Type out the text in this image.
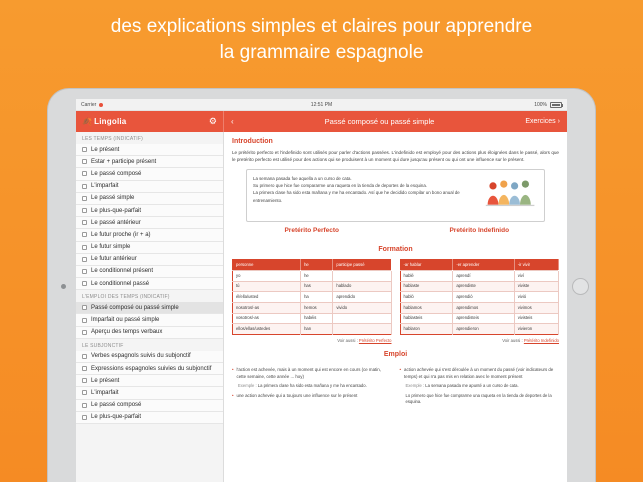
des explications simples et claires pour apprendre
la grammaire espagnole
Carrier	12:51 PM	100%
🍂 Lingolia	⚙ ‹	Passé composé ou passé simple	Exercices ›
LES TEMPS (INDICATIF)
Le présent
Estar + participe présent
Le passé composé
L'imparfait
Le passé simple
Le plus-que-parfait
Le passé antérieur
Le futur proche (ir + a)
Le futur simple
Le futur antérieur
Le conditionnel présent
Le conditionnel passé
L'EMPLOI DES TEMPS (INDICATIF)
Passé composé ou passé simple
Imparfait ou passé simple
Aperçu des temps verbaux
LE SUBJONCTIF
Verbes espagnols suivis du subjonctif
Expressions espagnoles suivies du subjonctif
Le présent
L'imparfait
Le passé composé
Le plus-que-parfait
Introduction
Le prétérito perfecto et l'indefinido sont utilisés pour parler d'actions passées. L'indefinido est employé pour des actions plus éloignées dans le passé, alors que le pretérito perfecto est utilisé pour des actions qui se produisent à un moment qui dure jusqu'au présent ou qui ont une influence sur le présent.
La semana pasada fue aquella a un curso de cata.
Su primero que hice fue compararme una raqueta en la tienda de deportes de la esquina.
La primera clase ha sido esta mañana y me ha encantado. Así que he decidido compilar un bono anual de entrenamiento.
Pretérito Perfecto	Pretérito Indefinido
Formation
personne	he	participe passé
yo	he	
tú	has	hablado
él/ella/usted	ha	aprendido
nosotros/-as	hemos	vivido
vosotros/-as	habéis	
ellos/ellas/ustedes	han	
Voir aussi : Prétérito Perfecto
-ar hablar	-er aprender	-ir vivir
hablé	aprendí	viví
hablaste	aprendiste	viviste
habló	aprendió	vivió
hablamos	aprendimos	vivimos
hablasteis	aprendisteis	vivisteis
hablaron	aprendieron	vivieron
Voir aussi : Prétérito Indefinido
Emploi
• l'action est achevée, mais à un moment qui est encore en cours (ce matin, cette semaine, cette année ... hoy)
Exemple : La primera clase ha sido esta mañana y me ha encantado.
• une action achevée qui a toujours une influence sur le présent
• action achevée qui s'est déroulée à un moment du passé (voir indicateurs de temps) et qui n'a pas mis en relation avec le moment présent
Exemple : La semana pasada me apunté a un curso de cata.
Lo primero que hice fue comprarme una raqueta en la tienda de deportes de la esquina.
